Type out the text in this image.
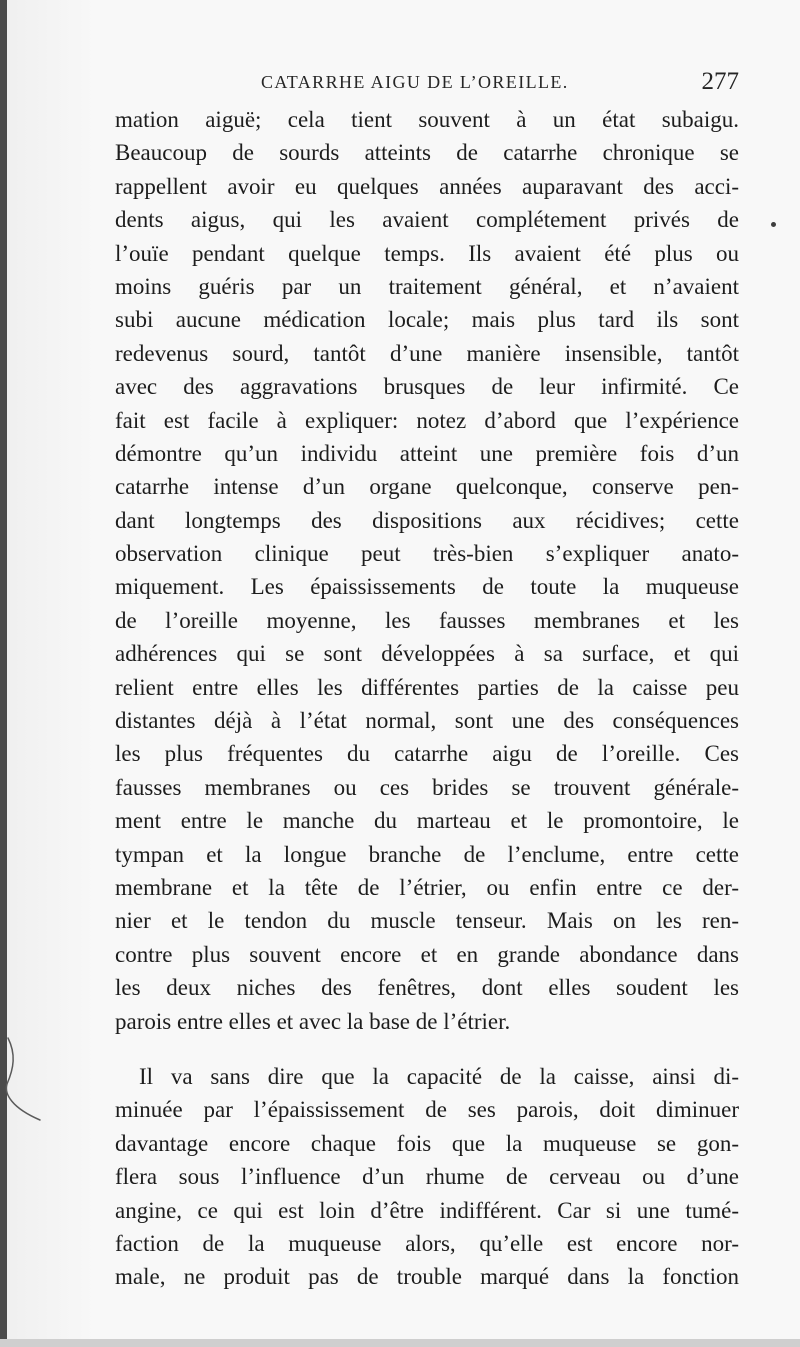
CATARRHE AIGU DE L’OREILLE.	277
mation aiguë; cela tient souvent à un état subaigu.
Beaucoup de sourds atteints de catarrhe chronique se
rappellent avoir eu quelques années auparavant des acci-
dents aigus, qui les avaient complétement privés de
l’ouïe pendant quelque temps. Ils avaient été plus ou
moins guéris par un traitement général, et n’avaient
subi aucune médication locale; mais plus tard ils sont
redevenus sourd, tantôt d’une manière insensible, tantôt
avec des aggravations brusques de leur infirmité. Ce
fait est facile à expliquer: notez d’abord que l’expérience
démontre qu’un individu atteint une première fois d’un
catarrhe intense d’un organe quelconque, conserve pen-
dant longtemps des dispositions aux récidives; cette
observation clinique peut très-bien s’expliquer anato-
miquement. Les épaississements de toute la muqueuse
de l’oreille moyenne, les fausses membranes et les
adhérences qui se sont développées à sa surface, et qui
relient entre elles les différentes parties de la caisse peu
distantes déjà à l’état normal, sont une des conséquences
les plus fréquentes du catarrhe aigu de l’oreille. Ces
fausses membranes ou ces brides se trouvent générale-
ment entre le manche du marteau et le promontoire, le
tympan et la longue branche de l’enclume, entre cette
membrane et la tête de l’étrier, ou enfin entre ce der-
nier et le tendon du muscle tenseur. Mais on les ren-
contre plus souvent encore et en grande abondance dans
les deux niches des fenêtres, dont elles soudent les
parois entre elles et avec la base de l’étrier.
Il va sans dire que la capacité de la caisse, ainsi di-
minuée par l’épaississement de ses parois, doit diminuer
davantage encore chaque fois que la muqueuse se gon-
flera sous l’influence d’un rhume de cerveau ou d’une
angine, ce qui est loin d’être indifférent. Car si une tumé-
faction de la muqueuse alors, qu’elle est encore nor-
male, ne produit pas de trouble marqué dans la fonction
